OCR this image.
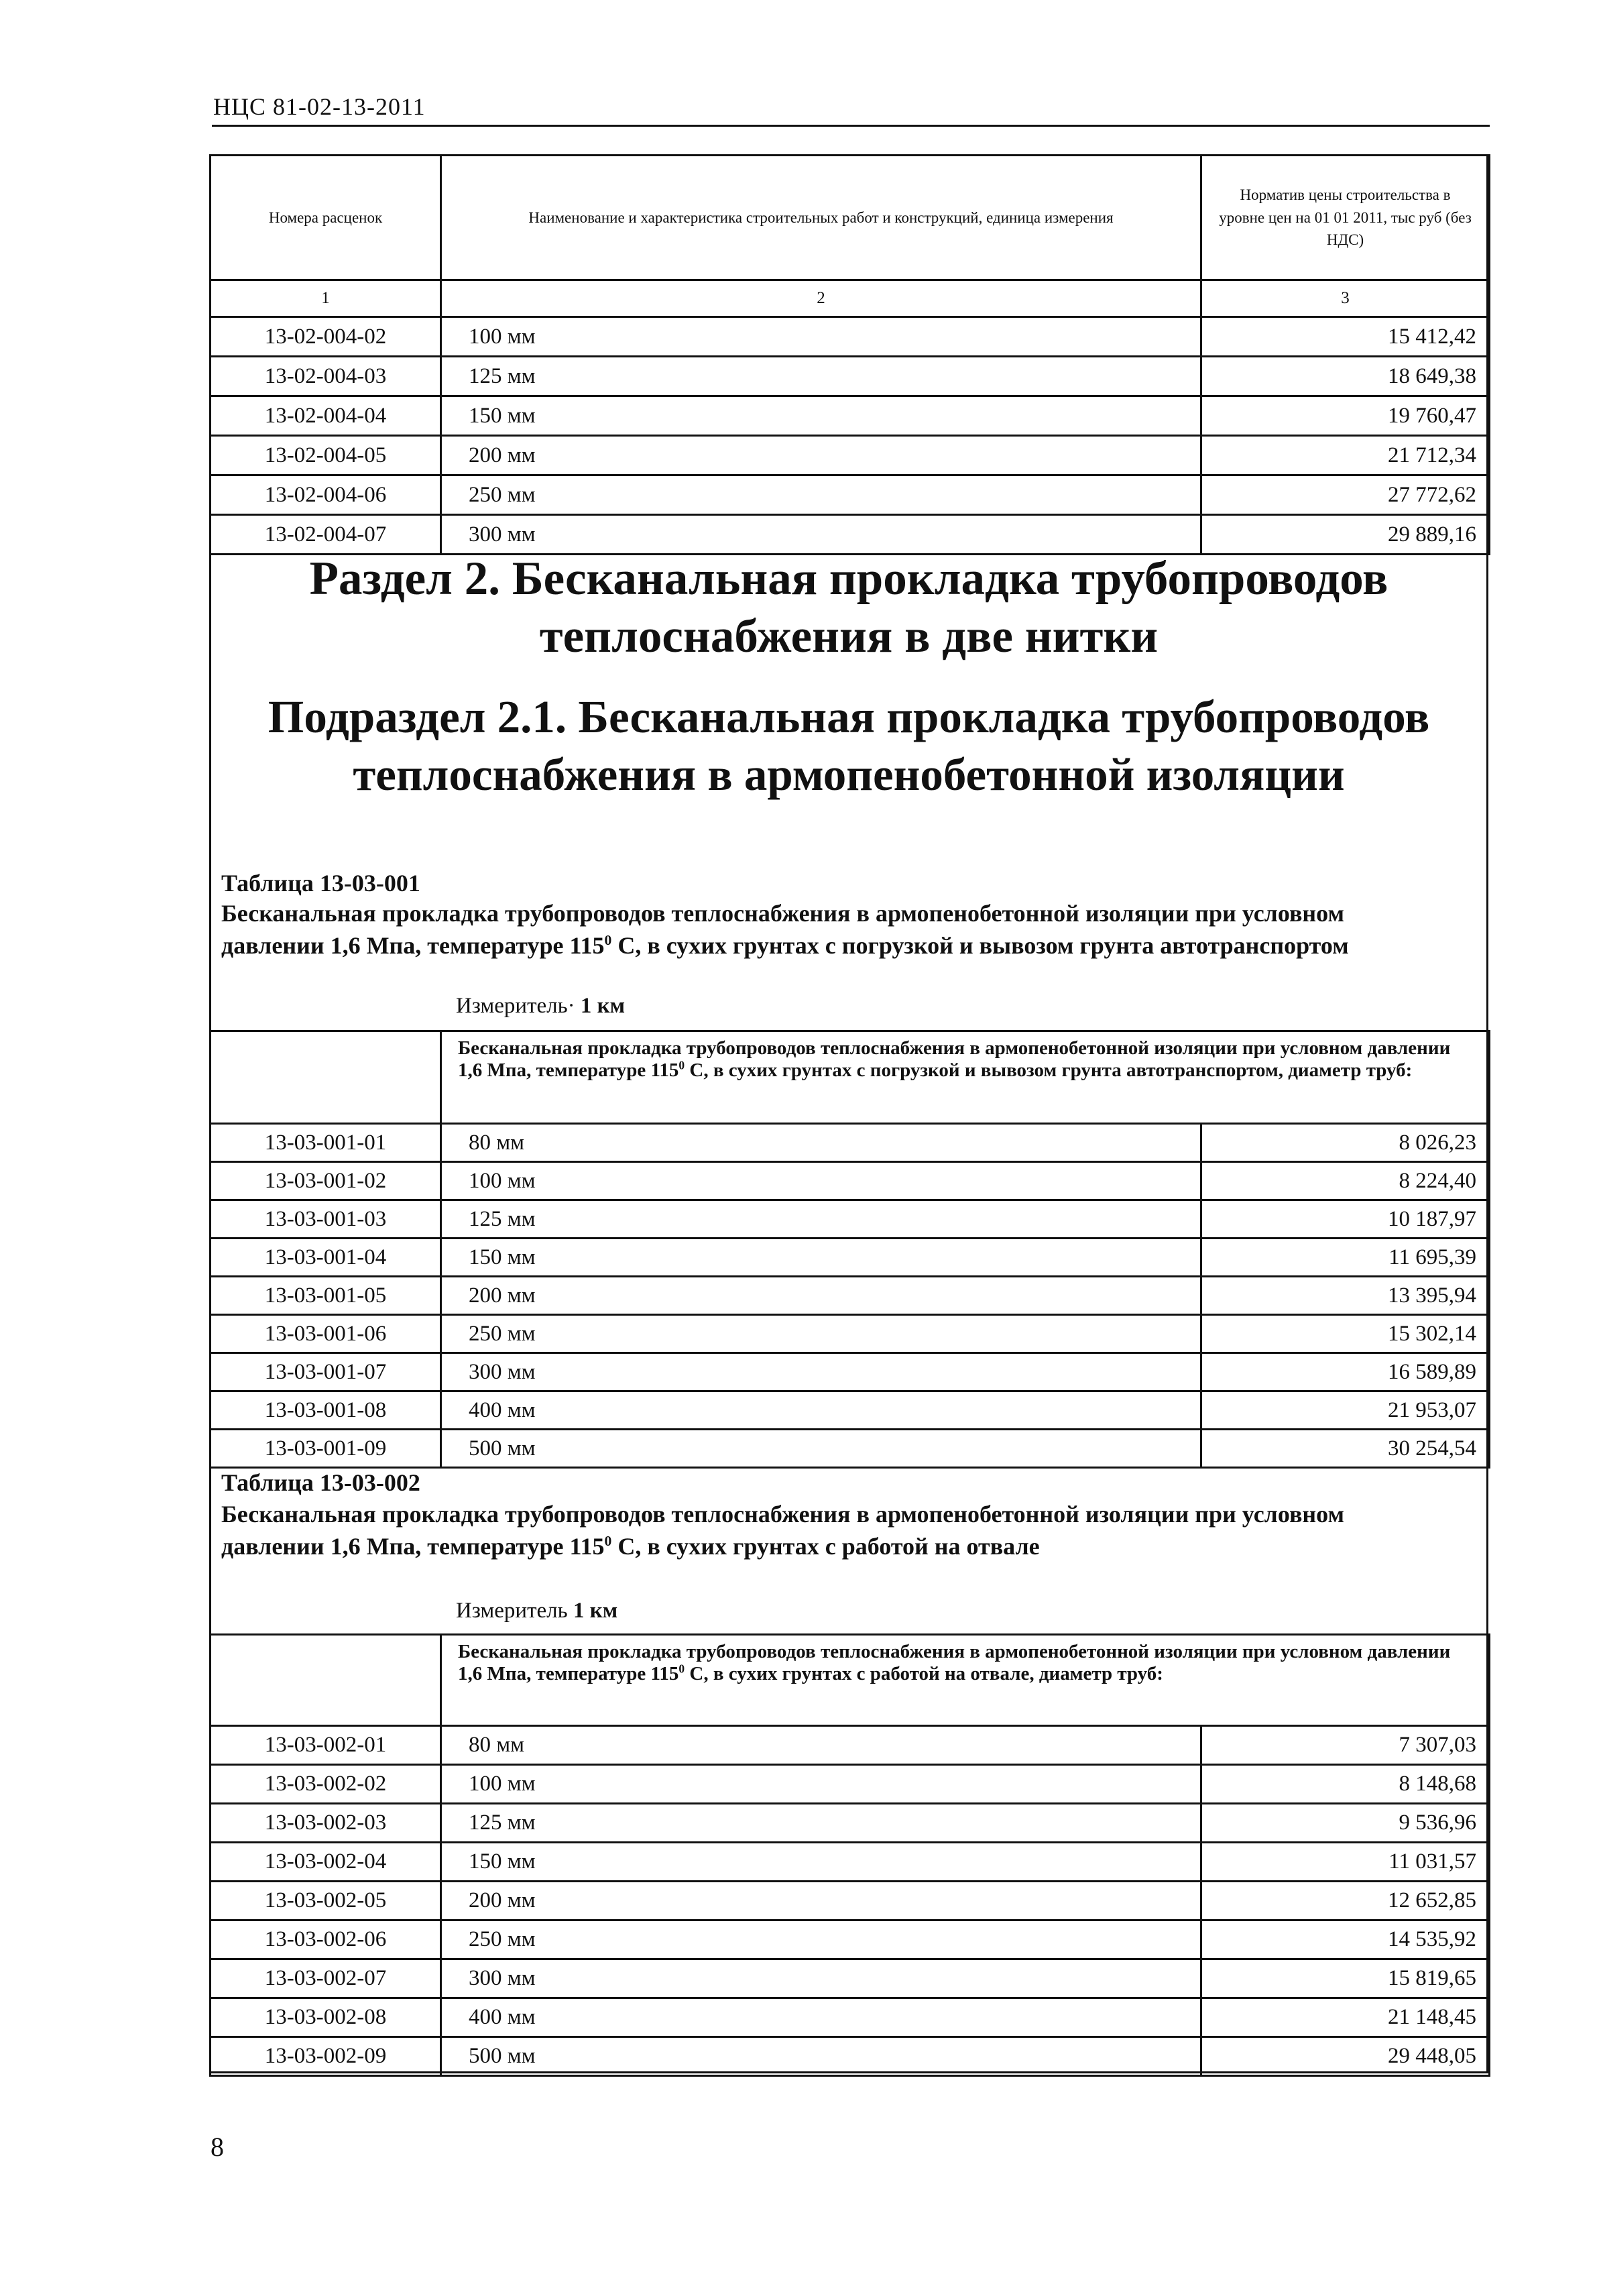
НЦС 81-02-13-2011
Номера расценок	Наименование и характеристика строительных работ и конструкций, единица измерения	Норматив цены строительства в уровне цен на 01 01 2011, тыс руб (без НДС)
1	2	3
13-02-004-02	100 мм	15 412,42
13-02-004-03	125 мм	18 649,38
13-02-004-04	150 мм	19 760,47
13-02-004-05	200 мм	21 712,34
13-02-004-06	250 мм	27 772,62
13-02-004-07	300 мм	29 889,16

Раздел 2. Бесканальная прокладка трубопроводов

теплоснабжения в две нитки

Подраздел 2.1. Бесканальная прокладка трубопроводов

теплоснабжения в армопенобетонной изоляции

Таблица 13-03-001
Бесканальная прокладка трубопроводов теплоснабжения в армопенобетонной изоляции при условном
давлении 1,6 Мпа, температуре $115^0$ С, в сухих грунтах с погрузкой и вывозом грунта автотранспортом
Измеритель· 1 км
	Бесканальная прокладка трубопроводов теплоснабжения в армопенобетонной изоляции при условном давлении 1,6 Мпа, температуре $115^0$ С, в сухих грунтах с погрузкой и вывозом грунта автотранспортом, диаметр труб:	
13-03-001-01	80 мм	8 026,23
13-03-001-02	100 мм	8 224,40
13-03-001-03	125 мм	10 187,97
13-03-001-04	150 мм	11 695,39
13-03-001-05	200 мм	13 395,94
13-03-001-06	250 мм	15 302,14
13-03-001-07	300 мм	16 589,89
13-03-001-08	400 мм	21 953,07
13-03-001-09	500 мм	30 254,54
Таблица 13-03-002
Бесканальная прокладка трубопроводов теплоснабжения в армопенобетонной изоляции при условном
давлении 1,6 Мпа, температуре $115^0$ С, в сухих грунтах с работой на отвале
Измеритель 1 км
	Бесканальная прокладка трубопроводов теплоснабжения в армопенобетонной изоляции при условном давлении 1,6 Мпа, температуре $115^0$ С, в сухих грунтах с работой на отвале, диаметр труб:	
13-03-002-01	80 мм	7 307,03
13-03-002-02	100 мм	8 148,68
13-03-002-03	125 мм	9 536,96
13-03-002-04	150 мм	11 031,57
13-03-002-05	200 мм	12 652,85
13-03-002-06	250 мм	14 535,92
13-03-002-07	300 мм	15 819,65
13-03-002-08	400 мм	21 148,45
13-03-002-09	500 мм	29 448,05
8
